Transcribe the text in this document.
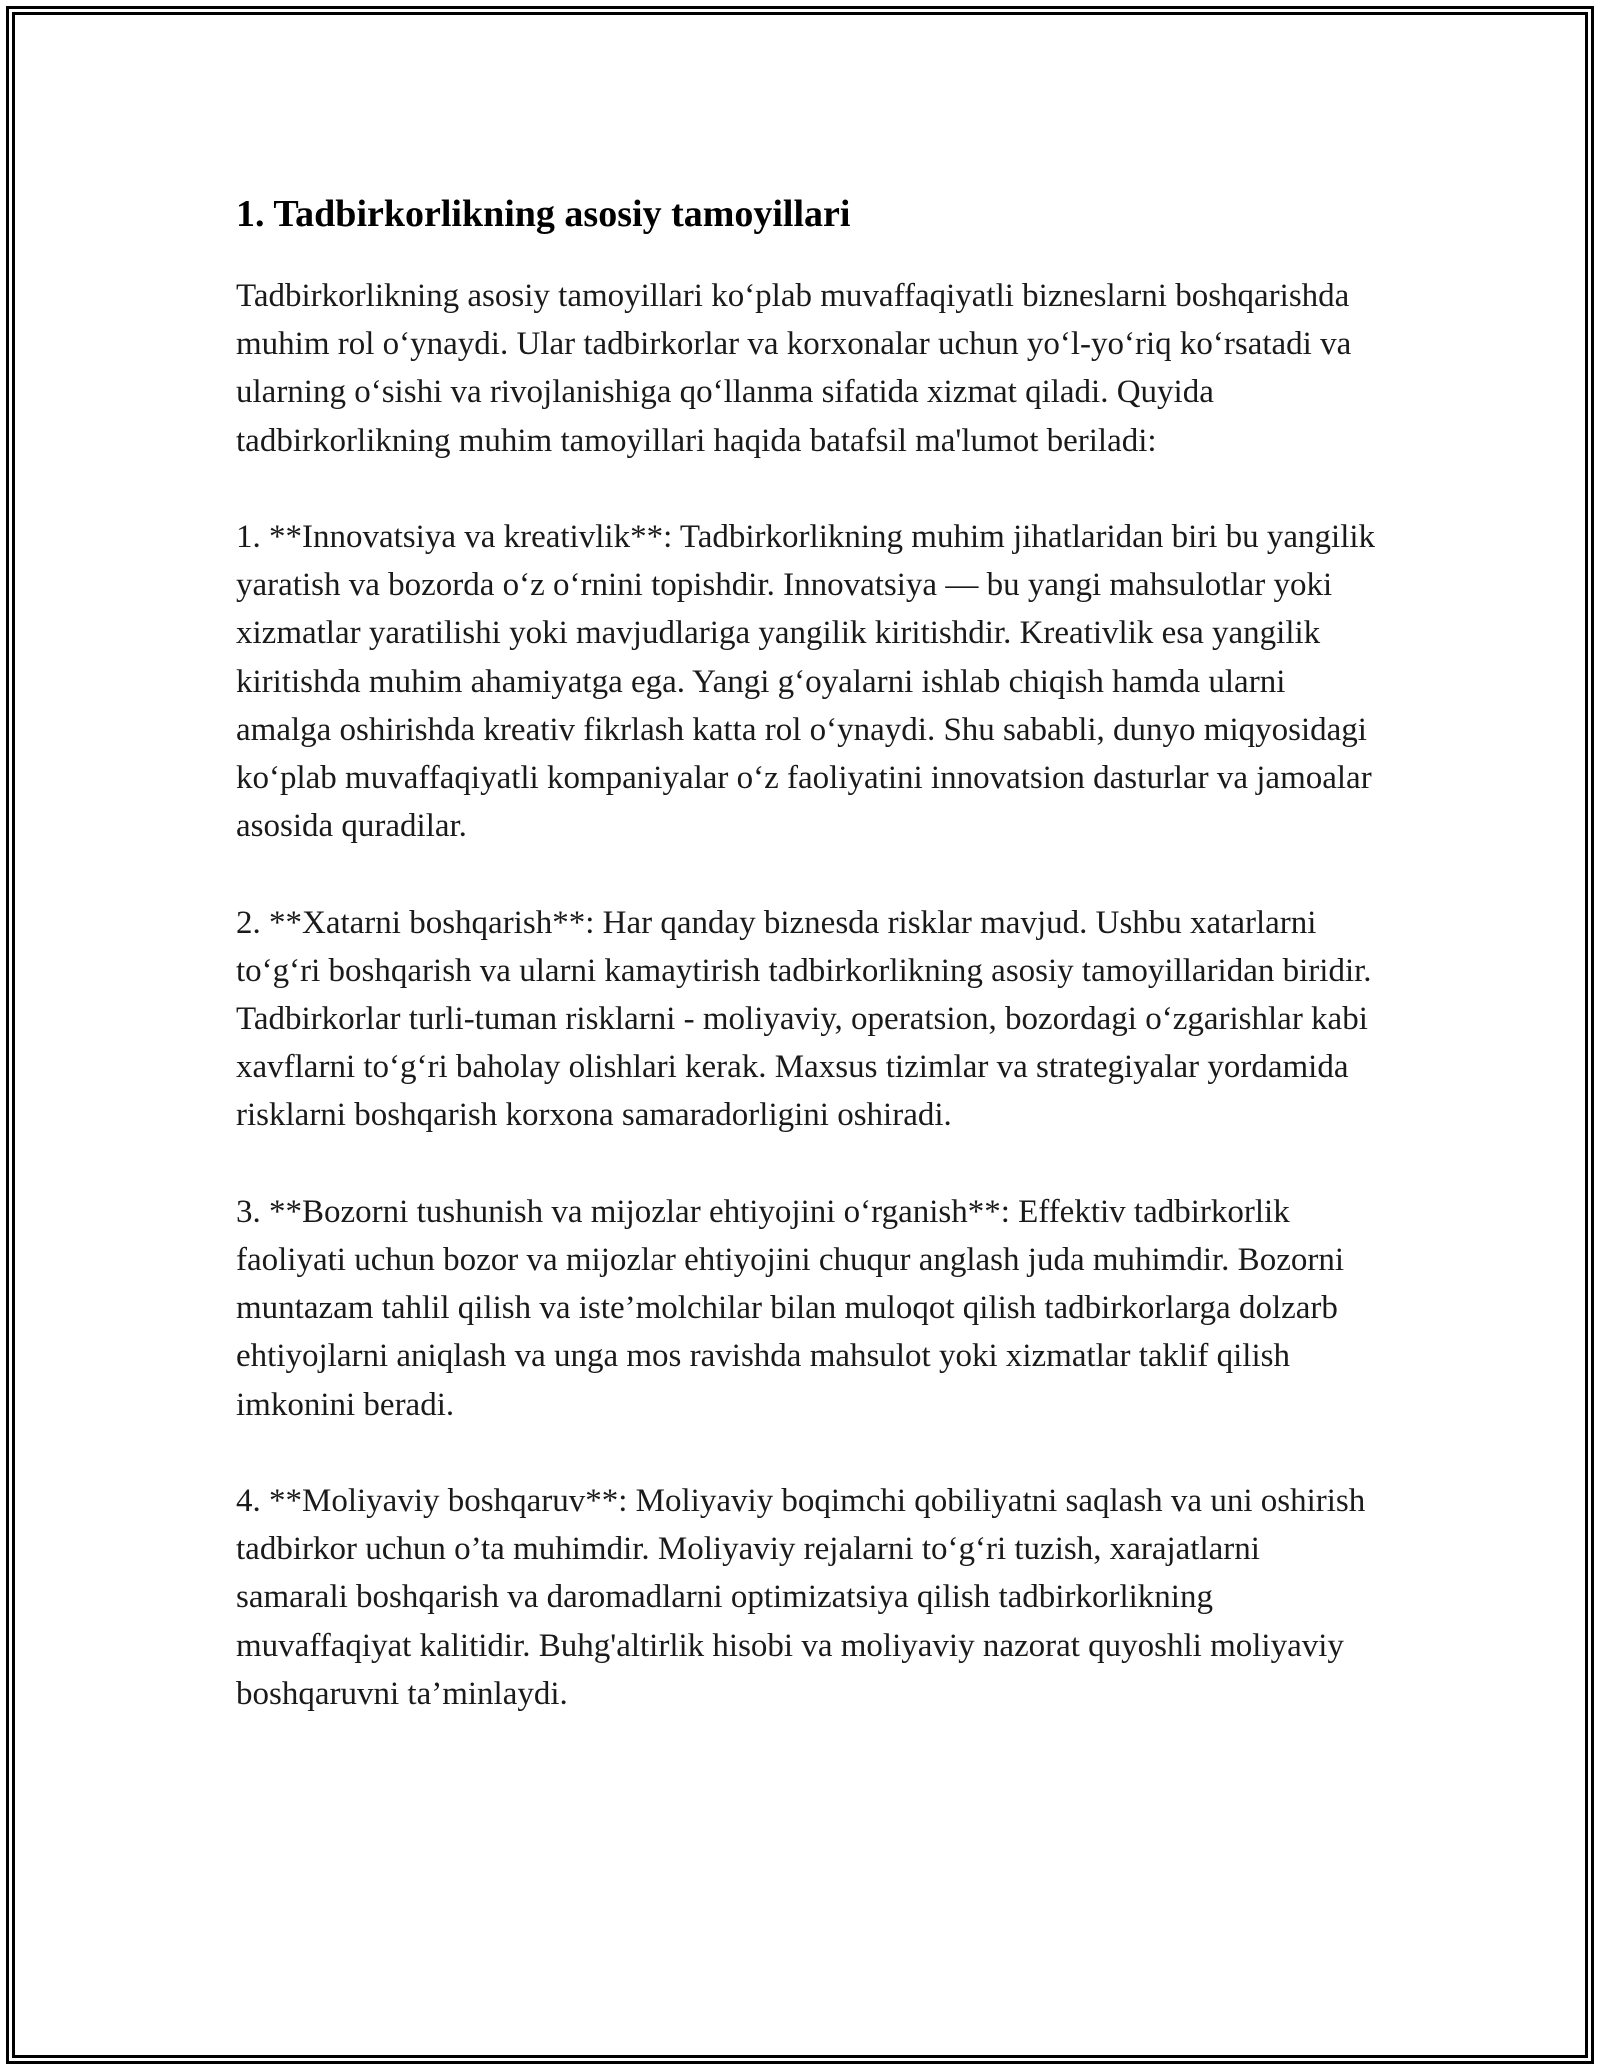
1. Tadbirkorlikning asosiy tamoyillari

Tadbirkorlikning asosiy tamoyillari ko‘plab muvaffaqiyatli bizneslarni boshqarishda muhim rol o‘ynaydi. Ular tadbirkorlar va korxonalar uchun yo‘l-yo‘riq ko‘rsatadi va ularning o‘sishi va rivojlanishiga qo‘llanma sifatida xizmat qiladi. Quyida tadbirkorlikning muhim tamoyillari haqida batafsil ma'lumot beriladi:

1. **Innovatsiya va kreativlik**: Tadbirkorlikning muhim jihatlaridan biri bu yangilik yaratish va bozorda o‘z o‘rnini topishdir. Innovatsiya — bu yangi mahsulotlar yoki xizmatlar yaratilishi yoki mavjudlariga yangilik kiritishdir. Kreativlik esa yangilik kiritishda muhim ahamiyatga ega. Yangi g‘oyalarni ishlab chiqish hamda ularni amalga oshirishda kreativ fikrlash katta rol o‘ynaydi. Shu sababli, dunyo miqyosidagi ko‘plab muvaffaqiyatli kompaniyalar o‘z faoliyatini innovatsion dasturlar va jamoalar asosida quradilar.

2. **Xatarni boshqarish**: Har qanday biznesda risklar mavjud. Ushbu xatarlarni to‘g‘ri boshqarish va ularni kamaytirish tadbirkorlikning asosiy tamoyillaridan biridir. Tadbirkorlar turli-tuman risklarni - moliyaviy, operatsion, bozordagi o‘zgarishlar kabi xavflarni to‘g‘ri baholay olishlari kerak. Maxsus tizimlar va strategiyalar yordamida risklarni boshqarish korxona samaradorligini oshiradi.

3. **Bozorni tushunish va mijozlar ehtiyojini o‘rganish**: Effektiv tadbirkorlik faoliyati uchun bozor va mijozlar ehtiyojini chuqur anglash juda muhimdir. Bozorni muntazam tahlil qilish va iste’molchilar bilan muloqot qilish tadbirkorlarga dolzarb ehtiyojlarni aniqlash va unga mos ravishda mahsulot yoki xizmatlar taklif qilish imkonini beradi.

4. **Moliyaviy boshqaruv**: Moliyaviy boqimchi qobiliyatni saqlash va uni oshirish tadbirkor uchun o’ta muhimdir. Moliyaviy rejalarni to‘g‘ri tuzish, xarajatlarni samarali boshqarish va daromadlarni optimizatsiya qilish tadbirkorlikning muvaffaqiyat kalitidir. Buhg'altirlik hisobi va moliyaviy nazorat quyoshli moliyaviy boshqaruvni ta’minlaydi.
